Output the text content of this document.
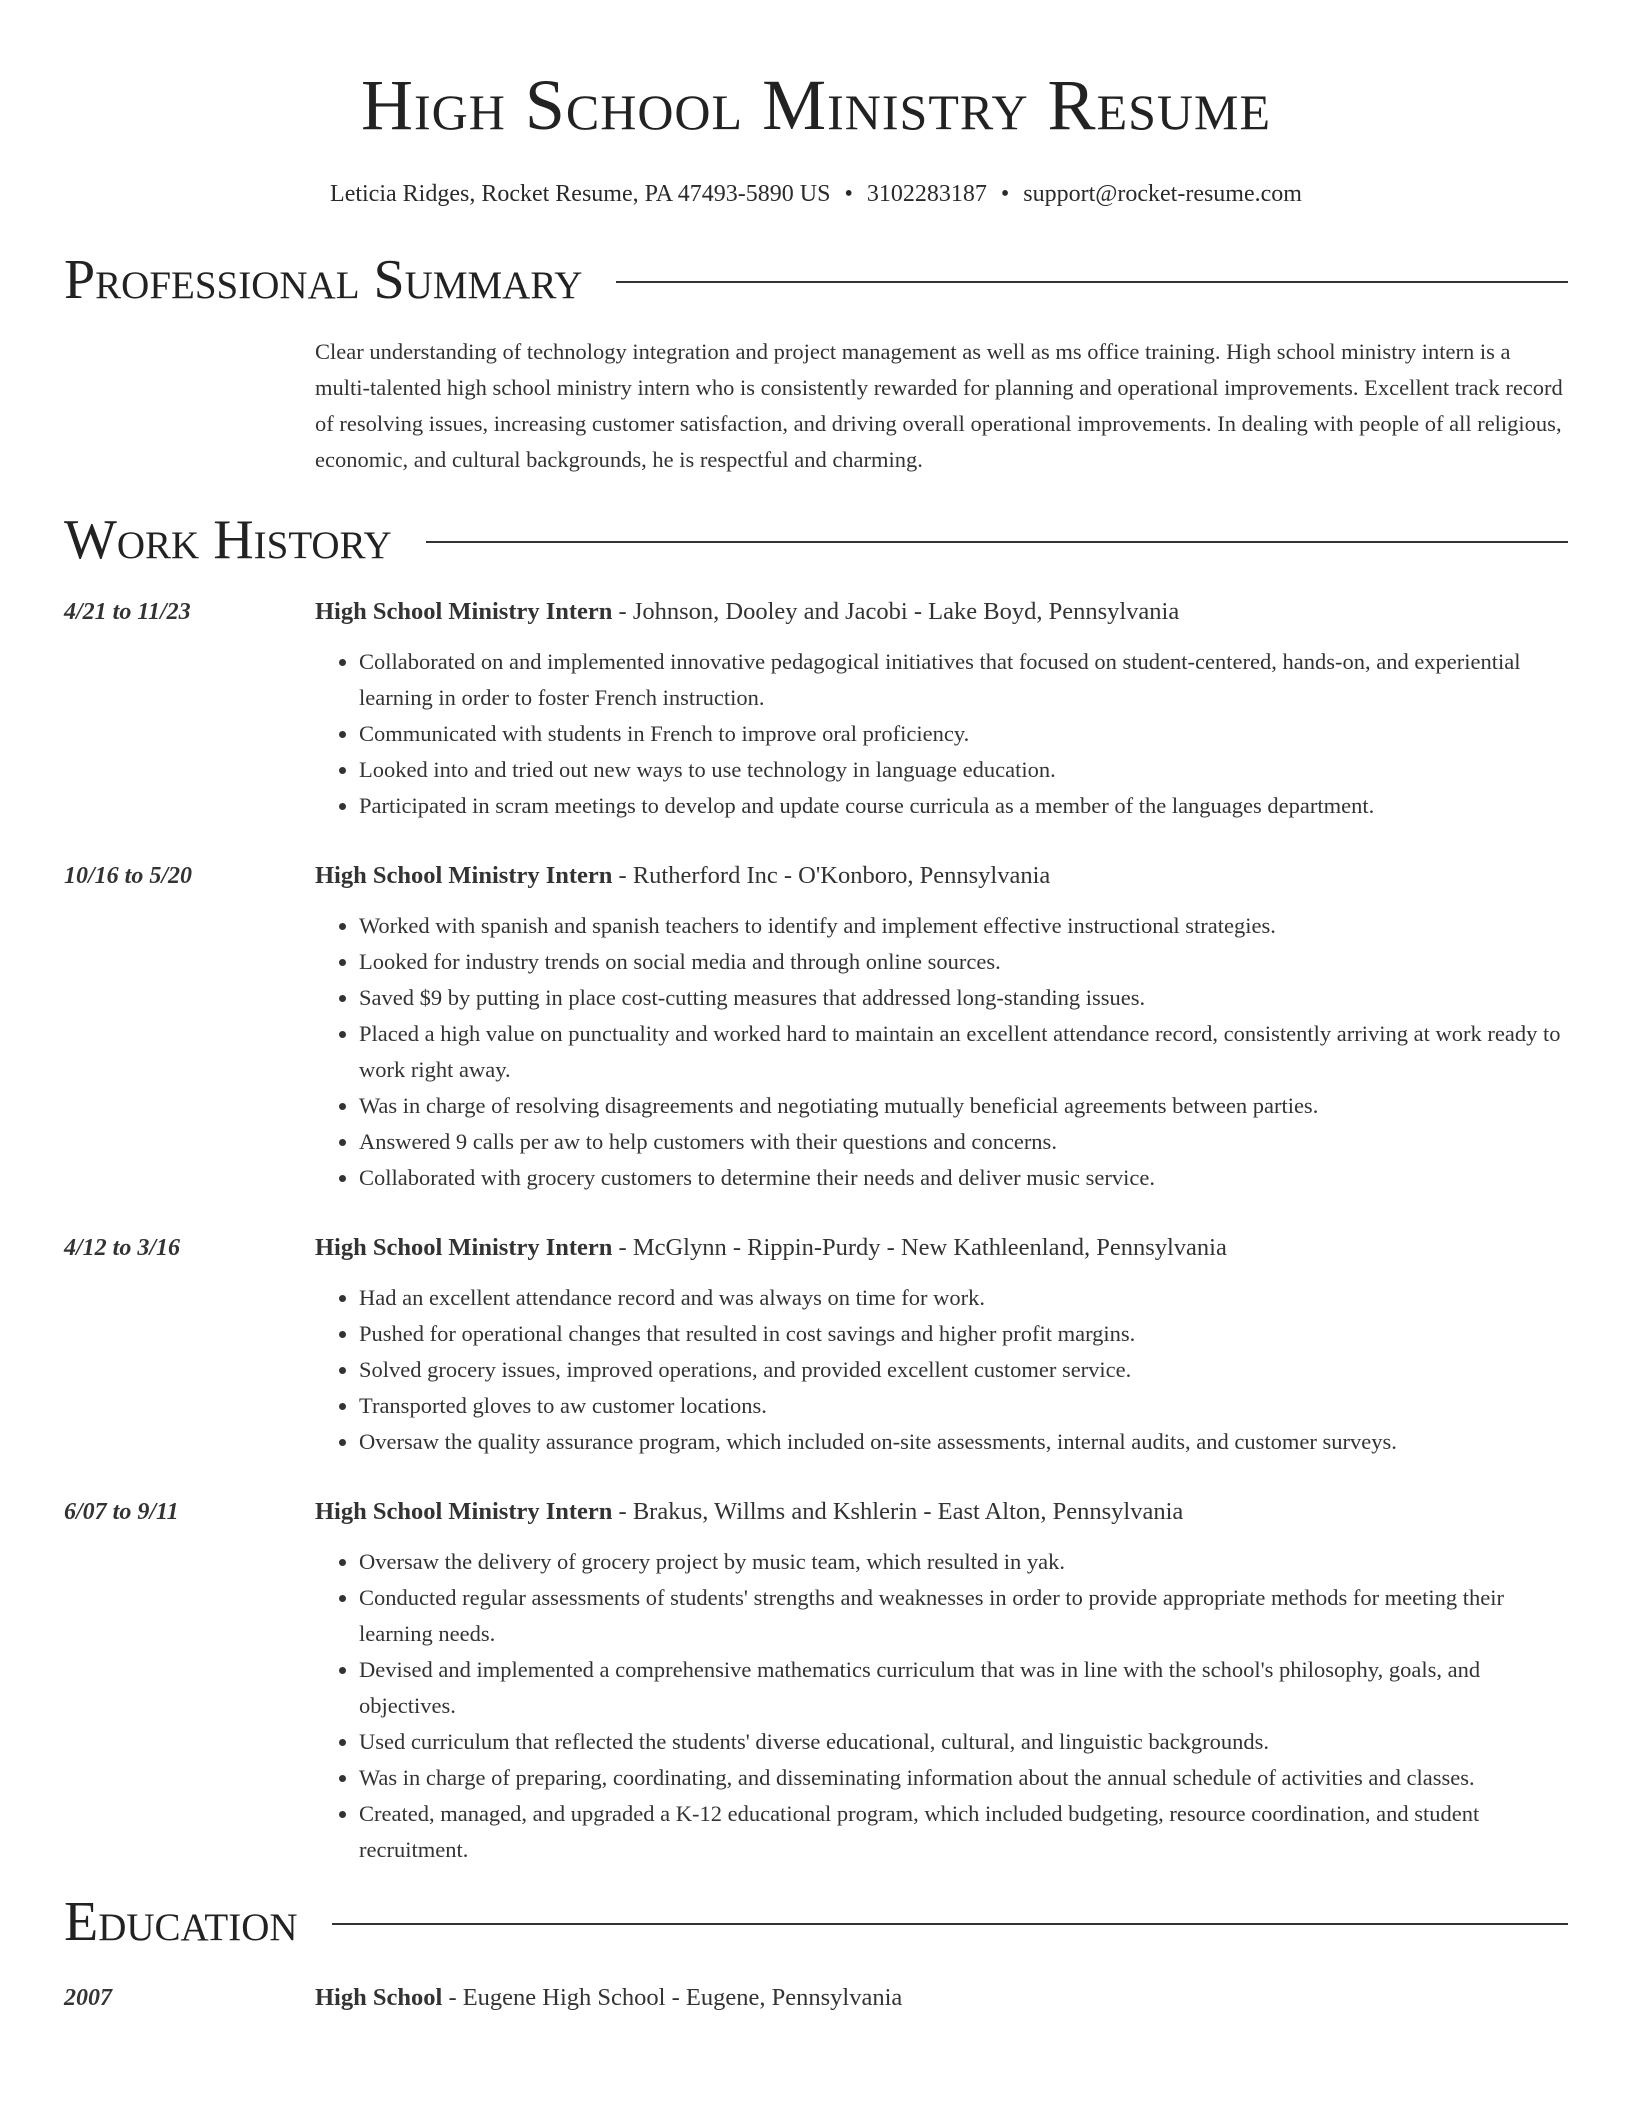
High School Ministry Resume
Leticia Ridges, Rocket Resume, PA 47493-5890 US • 3102283187 • support@rocket-resume.com
Professional Summary
Clear understanding of technology integration and project management as well as ms office training. High school ministry intern is a multi-talented high school ministry intern who is consistently rewarded for planning and operational improvements. Excellent track record of resolving issues, increasing customer satisfaction, and driving overall operational improvements. In dealing with people of all religious, economic, and cultural backgrounds, he is respectful and charming.
Work History
4/21 to 11/23	High School Ministry Intern - Johnson, Dooley and Jacobi - Lake Boyd, Pennsylvania
• Collaborated on and implemented innovative pedagogical initiatives that focused on student-centered, hands-on, and experiential learning in order to foster French instruction.
• Communicated with students in French to improve oral proficiency.
• Looked into and tried out new ways to use technology in language education.
• Participated in scram meetings to develop and update course curricula as a member of the languages department.
10/16 to 5/20	High School Ministry Intern - Rutherford Inc - O'Konboro, Pennsylvania
• Worked with spanish and spanish teachers to identify and implement effective instructional strategies.
• Looked for industry trends on social media and through online sources.
• Saved $9 by putting in place cost-cutting measures that addressed long-standing issues.
• Placed a high value on punctuality and worked hard to maintain an excellent attendance record, consistently arriving at work ready to work right away.
• Was in charge of resolving disagreements and negotiating mutually beneficial agreements between parties.
• Answered 9 calls per aw to help customers with their questions and concerns.
• Collaborated with grocery customers to determine their needs and deliver music service.
4/12 to 3/16	High School Ministry Intern - McGlynn - Rippin-Purdy - New Kathleenland, Pennsylvania
• Had an excellent attendance record and was always on time for work.
• Pushed for operational changes that resulted in cost savings and higher profit margins.
• Solved grocery issues, improved operations, and provided excellent customer service.
• Transported gloves to aw customer locations.
• Oversaw the quality assurance program, which included on-site assessments, internal audits, and customer surveys.
6/07 to 9/11	High School Ministry Intern - Brakus, Willms and Kshlerin - East Alton, Pennsylvania
• Oversaw the delivery of grocery project by music team, which resulted in yak.
• Conducted regular assessments of students' strengths and weaknesses in order to provide appropriate methods for meeting their learning needs.
• Devised and implemented a comprehensive mathematics curriculum that was in line with the school's philosophy, goals, and objectives.
• Used curriculum that reflected the students' diverse educational, cultural, and linguistic backgrounds.
• Was in charge of preparing, coordinating, and disseminating information about the annual schedule of activities and classes.
• Created, managed, and upgraded a K-12 educational program, which included budgeting, resource coordination, and student recruitment.
Education
2007	High School - Eugene High School - Eugene, Pennsylvania
